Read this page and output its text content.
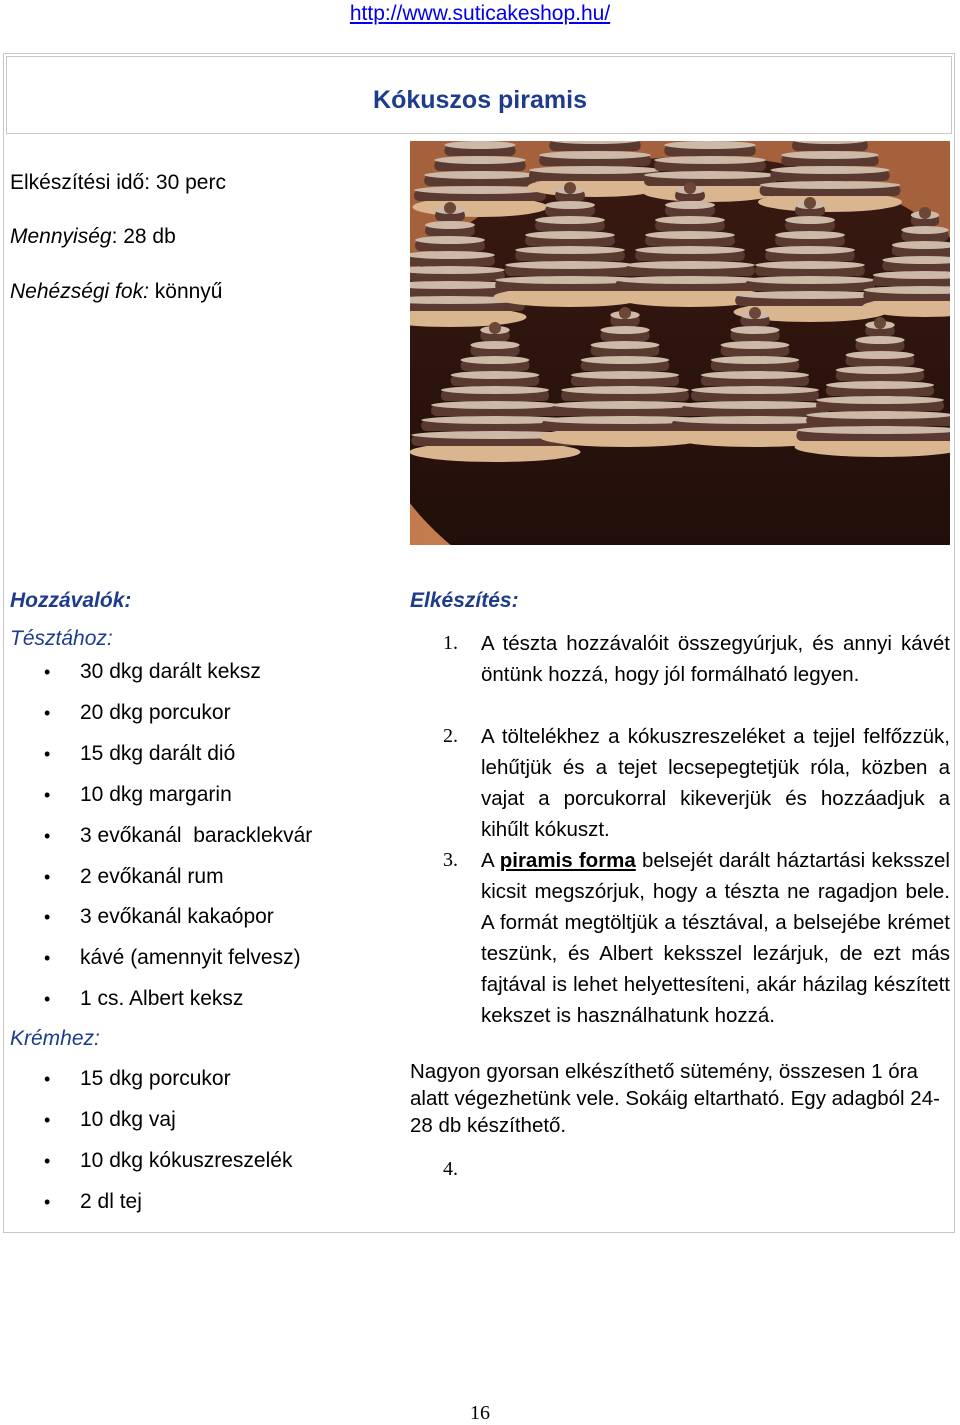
http://www.suticakeshop.hu/
Kókuszos piramis
Elkészítési idő: 30 perc
Mennyiség: 28 db
Nehézségi fok: könnyű
Hozzávalók:
Tésztához:
• 30 dkg darált keksz
• 20 dkg porcukor
• 15 dkg darált dió
• 10 dkg margarin
• 3 evőkanál  baracklekvár
• 2 evőkanál rum
• 3 evőkanál kakaópor
• kávé (amennyit felvesz)
• 1 cs. Albert keksz
Krémhez:
• 15 dkg porcukor
• 10 dkg vaj
• 10 dkg kókuszreszelék
• 2 dl tej
Elkészítés:
1. A tészta hozzávalóit összegyúrjuk, és annyi kávét öntünk hozzá, hogy jól formálható legyen.
2. A töltelékhez a kókuszreszeléket a tejjel felfőzzük, lehűtjük és a tejet lecsepegtetjük róla, közben a vajat a porcukorral kikeverjük és hozzáadjuk a kihűlt kókuszt.
3. A piramis forma belsejét darált háztartási keksszel kicsit megszórjuk, hogy a tészta ne ragadjon bele. A formát megtöltjük a tésztával, a belsejébe krémet teszünk, és Albert keksszel lezárjuk, de ezt más fajtával is lehet helyettesíteni, akár házilag készített kekszet is használhatunk hozzá.
Nagyon gyorsan elkészíthető sütemény, összesen 1 óra alatt végezhetünk vele. Sokáig eltartható. Egy adagból 24-28 db készíthető.
4.
16
